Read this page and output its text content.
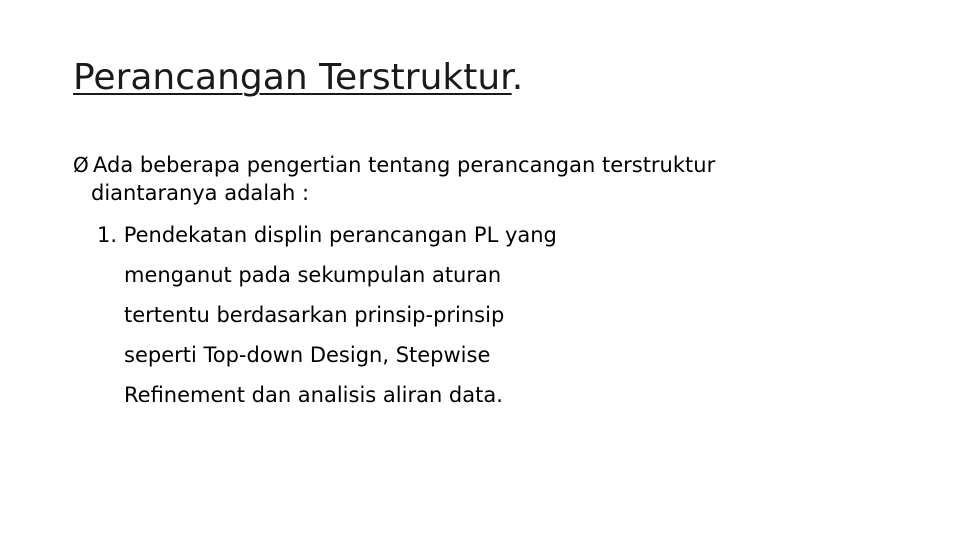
Perancangan Terstruktur.
Ø Ada beberapa pengertian tentang perancangan terstruktur
diantaranya adalah :
1. Pendekatan displin perancangan PL yang
menganut pada sekumpulan aturan
tertentu berdasarkan prinsip-prinsip
seperti Top-down Design, Stepwise
Refinement dan analisis aliran data.
